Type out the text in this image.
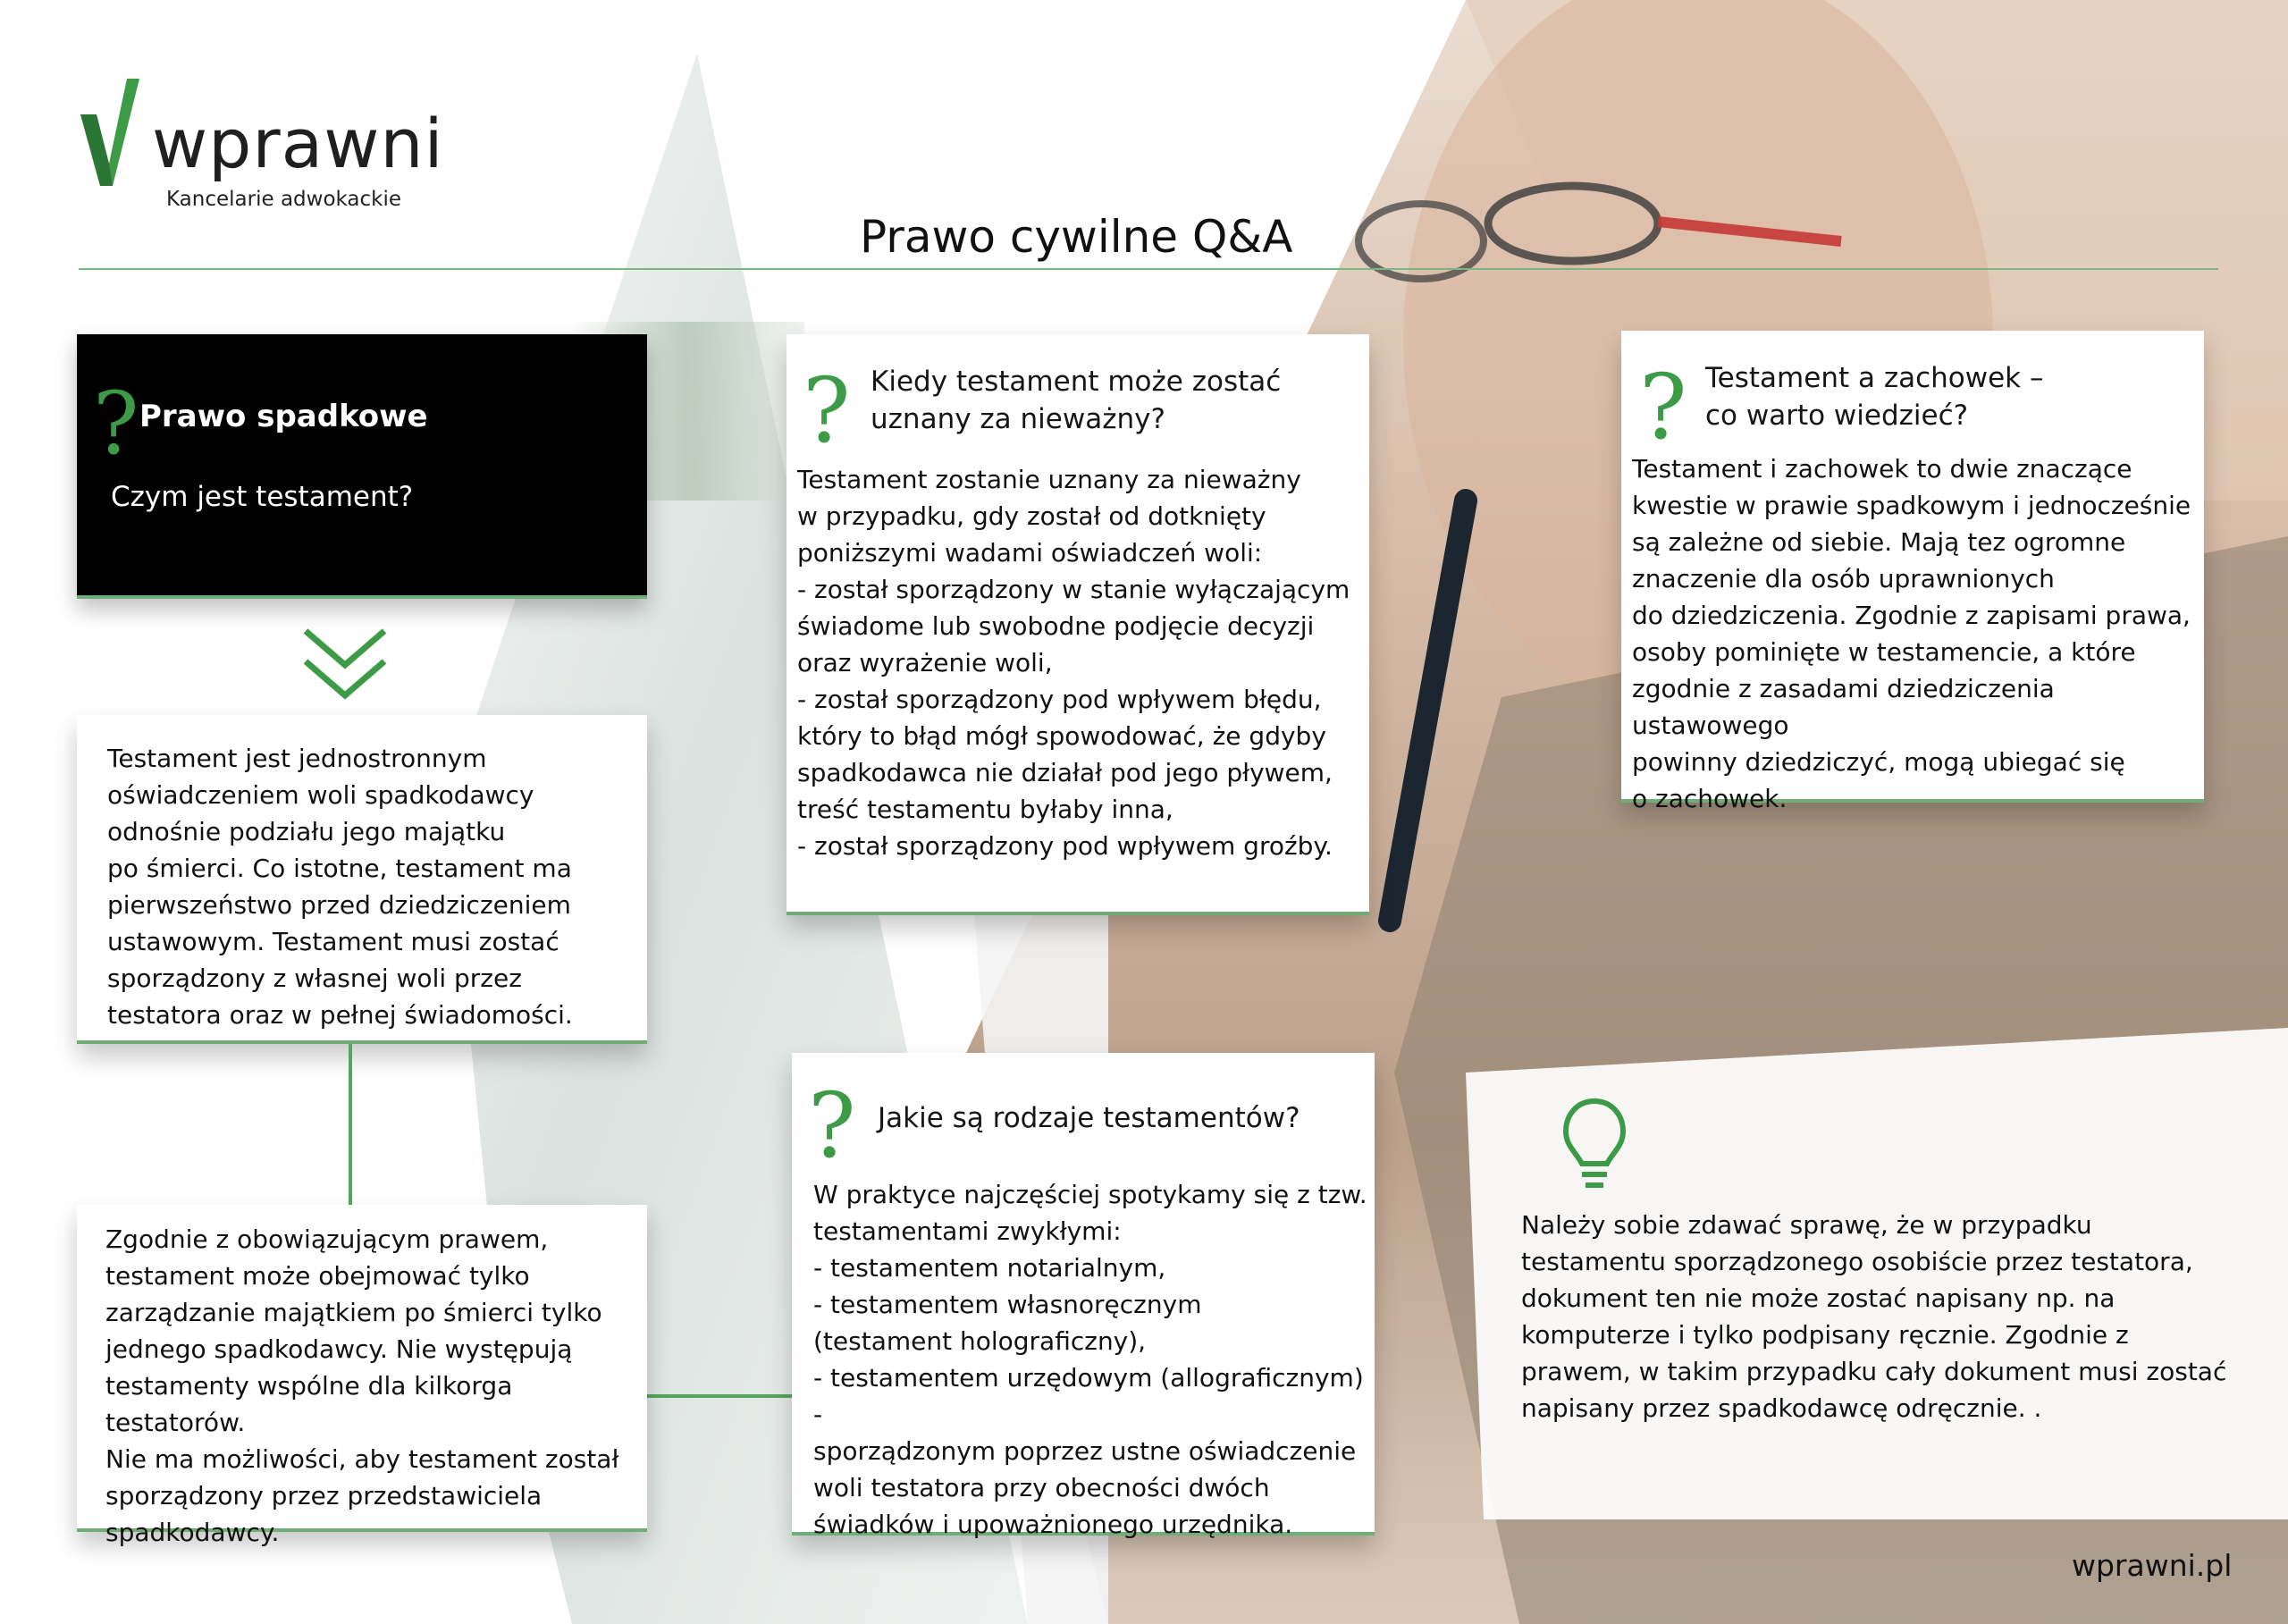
wprawni
Kancelarie adwokackie
Prawo cywilne Q&A
? Prawo spadkowe
Czym jest testament?
Testament jest jednostronnym
oświadczeniem woli spadkodawcy
odnośnie podziału jego majątku
po śmierci. Co istotne, testament ma
pierwszeństwo przed dziedziczeniem
ustawowym. Testament musi zostać
sporządzony z własnej woli przez
testatora oraz w pełnej świadomości.
Zgodnie z obowiązującym prawem,
testament może obejmować tylko
zarządzanie majątkiem po śmierci tylko
jednego spadkodawcy. Nie występują
testamenty wspólne dla kilkorga testatorów.
Nie ma możliwości, aby testament został
sporządzony przez przedstawiciela
spadkodawcy.
? Kiedy testament może zostać
uznany za nieważny?
Testament zostanie uznany za nieważny
w przypadku, gdy został od dotknięty
poniższymi wadami oświadczeń woli:
- został sporządzony w stanie wyłączającym
świadome lub swobodne podjęcie decyzji
oraz wyrażenie woli,
- został sporządzony pod wpływem błędu,
który to błąd mógł spowodować, że gdyby
spadkodawca nie działał pod jego pływem,
treść testamentu byłaby inna,
- został sporządzony pod wpływem groźby.
? Jakie są rodzaje testamentów?
W praktyce najczęściej spotykamy się z tzw.
testamentami zwykłymi:
- testamentem notarialnym,
- testamentem własnoręcznym
(testament holograficzny),
- testamentem urzędowym (allograficznym) -
sporządzonym poprzez ustne oświadczenie
woli testatora przy obecności dwóch
świadków i upoważnionego urzędnika.
? Testament a zachowek –
co warto wiedzieć?
Testament i zachowek to dwie znaczące
kwestie w prawie spadkowym i jednocześnie
są zależne od siebie. Mają tez ogromne
znaczenie dla osób uprawnionych
do dziedziczenia. Zgodnie z zapisami prawa,
osoby pominięte w testamencie, a które
zgodnie z zasadami dziedziczenia ustawowego
powinny dziedziczyć, mogą ubiegać się
o zachowek.
Należy sobie zdawać sprawę, że w przypadku testamentu sporządzonego osobiście przez testatora, dokument ten nie może zostać napisany np. na komputerze i tylko podpisany ręcznie. Zgodnie z prawem, w takim przypadku cały dokument musi zostać napisany przez spadkodawcę odręcznie. .
wprawni.pl
